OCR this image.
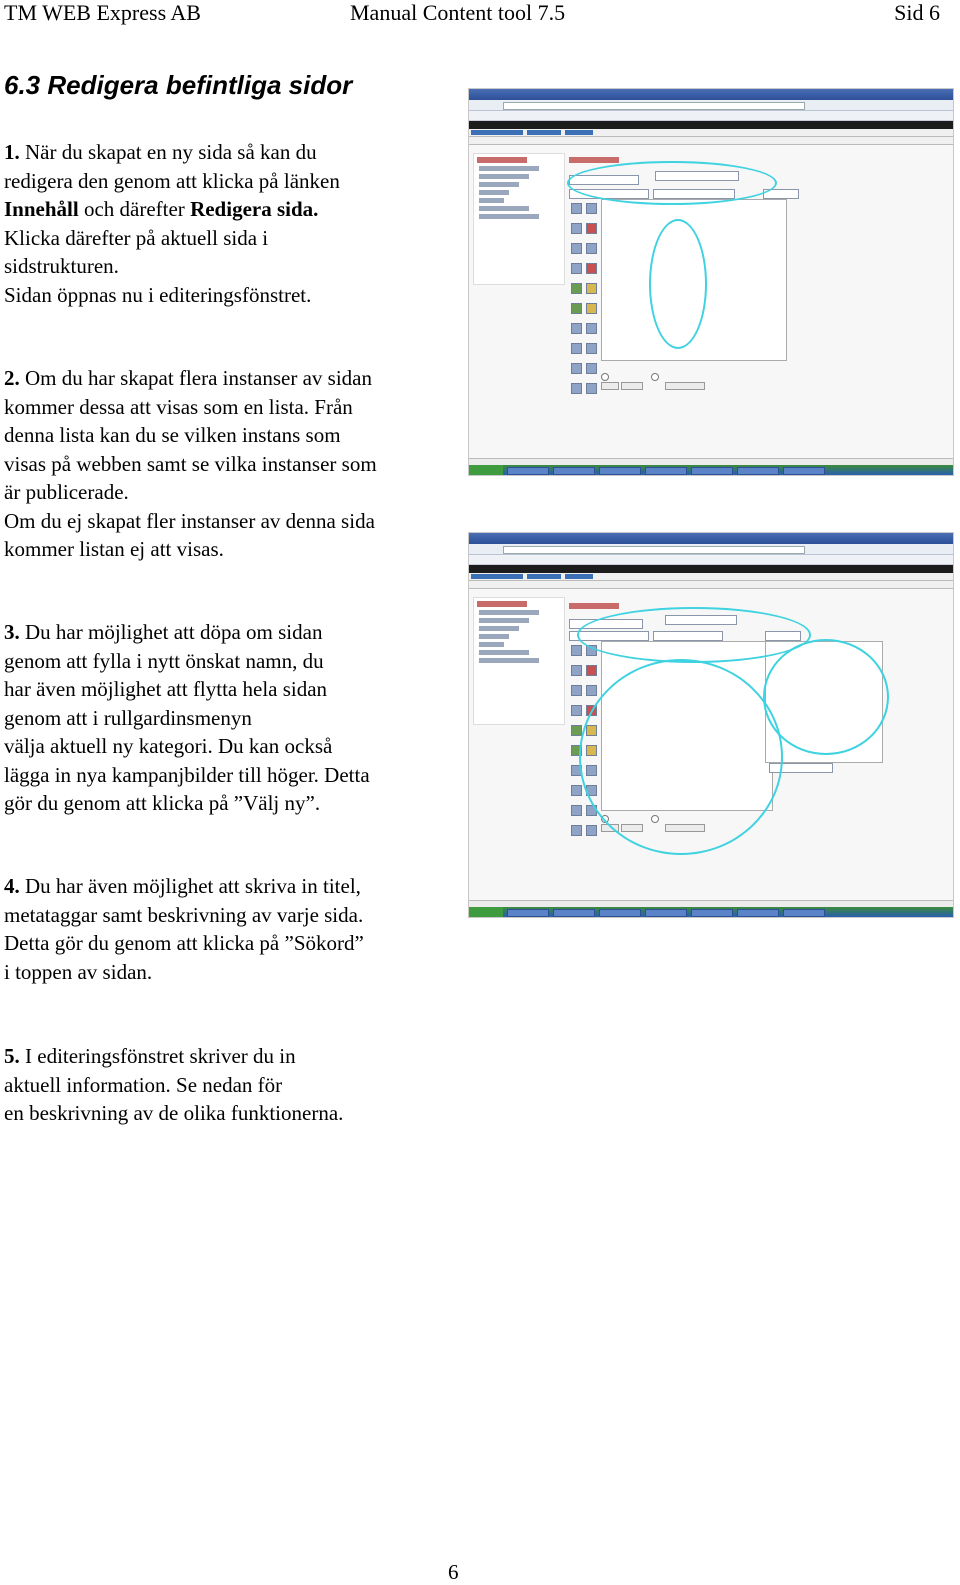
TM WEB Express AB	Manual Content tool 7.5	Sid 6
6.3 Redigera befintliga sidor
1. När du skapat en ny sida så kan du
redigera den genom att klicka på länken
Innehåll och därefter Redigera sida.
Klicka därefter på aktuell sida i
sidstrukturen.
Sidan öppnas nu i editeringsfönstret.
2. Om du har skapat flera instanser av sidan
kommer dessa att visas som en lista. Från
denna lista kan du se vilken instans som
visas på webben samt se vilka instanser som
är publicerade.
Om du ej skapat fler instanser av denna sida
kommer listan ej att visas.
3. Du har möjlighet att döpa om sidan
genom att fylla i nytt önskat namn, du
har även möjlighet att flytta hela sidan
genom att i rullgardinsmenyn
välja aktuell ny kategori. Du kan också
lägga in nya kampanjbilder till höger. Detta
gör du genom att klicka på ”Välj ny”.
4. Du har även möjlighet att skriva in titel,
metataggar samt beskrivning av varje sida.
Detta gör du genom att klicka på ”Sökord”
i toppen av sidan.
5. I editeringsfönstret skriver du in
aktuell information. Se nedan för
en beskrivning av de olika funktionerna.
6
